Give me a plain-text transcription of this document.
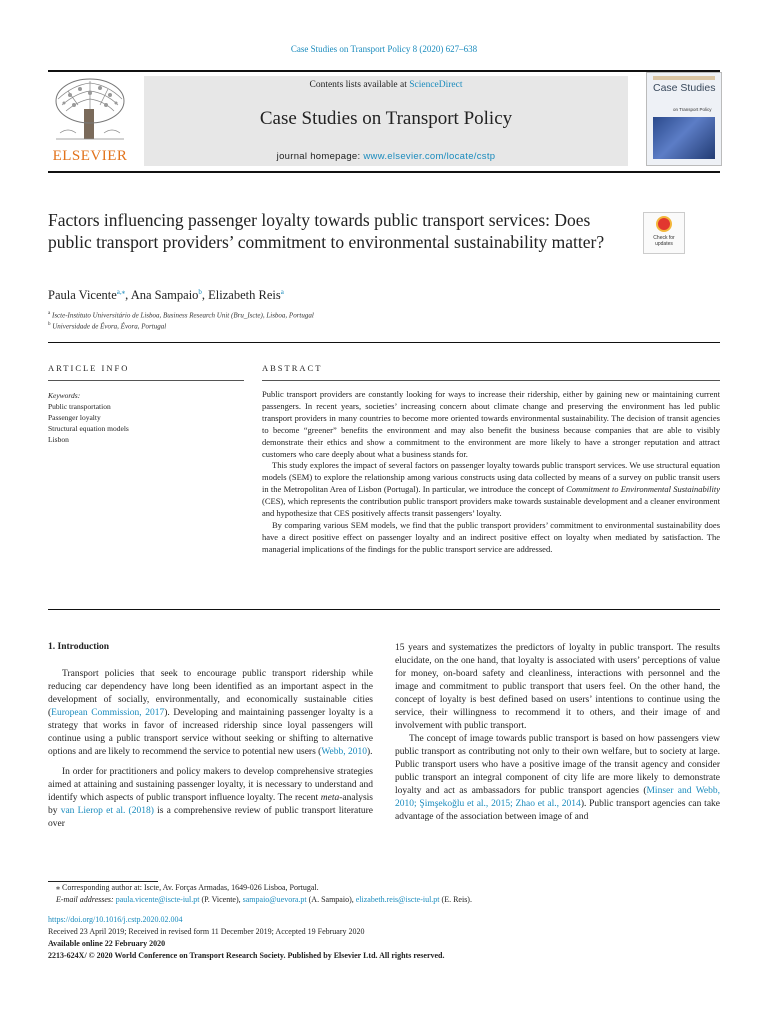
Case Studies on Transport Policy 8 (2020) 627–638
ELSEVIER
Contents lists available at ScienceDirect
Case Studies on Transport Policy
journal homepage: www.elsevier.com/locate/cstp
Case Studies
on Transport Policy
Factors influencing passenger loyalty towards public transport services: Does public transport providers’ commitment to environmental sustainability matter?	Check for updates
Paula Vicente$^{a,⁎}$, Ana Sampaio$^b$, Elizabeth Reis$^a$
$^a$ Iscte-Instituto Universitário de Lisboa, Business Research Unit (Bru_Iscte), Lisboa, Portugal
$^b$ Universidade de Évora, Évora, Portugal
ARTICLE INFO	ABSTRACT
Keywords:
Public transportation
Passenger loyalty
Structural equation models
Lisbon

Public transport providers are constantly looking for ways to increase their ridership, either by gaining new or maintaining current passengers. In recent years, societies’ increasing concern about climate change and preserving the environment has led public transport providers in many countries to become more oriented towards environmental sustainability. The decision of transit agencies to become “greener” benefits the environment and may also benefit the business because companies that are able to visibly demonstrate their ethics and show a commitment to the environment are more likely to have a stronger reputation and attract customers who care deeply about what a business stands for.

This study explores the impact of several factors on passenger loyalty towards public transport services. We use structural equation models (SEM) to explore the relationship among various constructs using data collected by means of a survey on public transit users in the Metropolitan Area of Lisbon (Portugal). In particular, we introduce the concept of Commitment to Environmental Sustainability (CES), which represents the contribution public transport providers make towards sustainable development and a cleaner environment and hypothesize that CES positively affects transit passengers’ loyalty.

By comparing various SEM models, we find that the public transport providers’ commitment to environmental sustainability does have a direct positive effect on passenger loyalty and an indirect positive effect on loyalty when mediated by satisfaction. The managerial implications of the findings for the public transport service are addressed.

1. Introduction

Transport policies that seek to encourage public transport ridership while reducing car dependency have long been identified as an important aspect in the development of socially, environmentally, and economically sustainable cities (European Commission, 2017). Developing and maintaining passenger loyalty is a strategy that works in favor of increased ridership since loyal passengers will continue using a public transport service without seeking or shifting to alternative options and are likely to recommend the service to potential new users (Webb, 2010).

In order for practitioners and policy makers to develop comprehensive strategies aimed at attaining and sustaining passenger loyalty, it is necessary to understand and identify which aspects of public transport influence loyalty. The recent meta-analysis by van Lierop et al. (2018) is a comprehensive review of public transport literature over

15 years and systematizes the predictors of loyalty in public transport. The results elucidate, on the one hand, that loyalty is associated with users’ perceptions of value for money, on-board safety and cleanliness, interactions with personnel and the image and commitment to public transport that users feel. On the other hand, the concept of loyalty is best defined based on users’ intentions to continue using the service, their willingness to recommend it to others, and their image of and involvement with public transport.

The concept of image towards public transport is based on how passengers view public transport as contributing not only to their own welfare, but to society at large. Public transport users who have a positive image of the transit agency and consider public transport an integral component of city life are more likely to demonstrate loyalty and act as ambassadors for public transport agencies (Minser and Webb, 2010; Şimşekoğlu et al., 2015; Zhao et al., 2014). Public transport agencies can take advantage of the association between image of and

⁎ Corresponding author at: Iscte, Av. Forças Armadas, 1649-026 Lisboa, Portugal.
E-mail addresses: paula.vicente@iscte-iul.pt (P. Vicente), sampaio@uevora.pt (A. Sampaio), elizabeth.reis@iscte-iul.pt (E. Reis).
https://doi.org/10.1016/j.cstp.2020.02.004
Received 23 April 2019; Received in revised form 11 December 2019; Accepted 19 February 2020
Available online 22 February 2020
2213-624X/ © 2020 World Conference on Transport Research Society. Published by Elsevier Ltd. All rights reserved.
